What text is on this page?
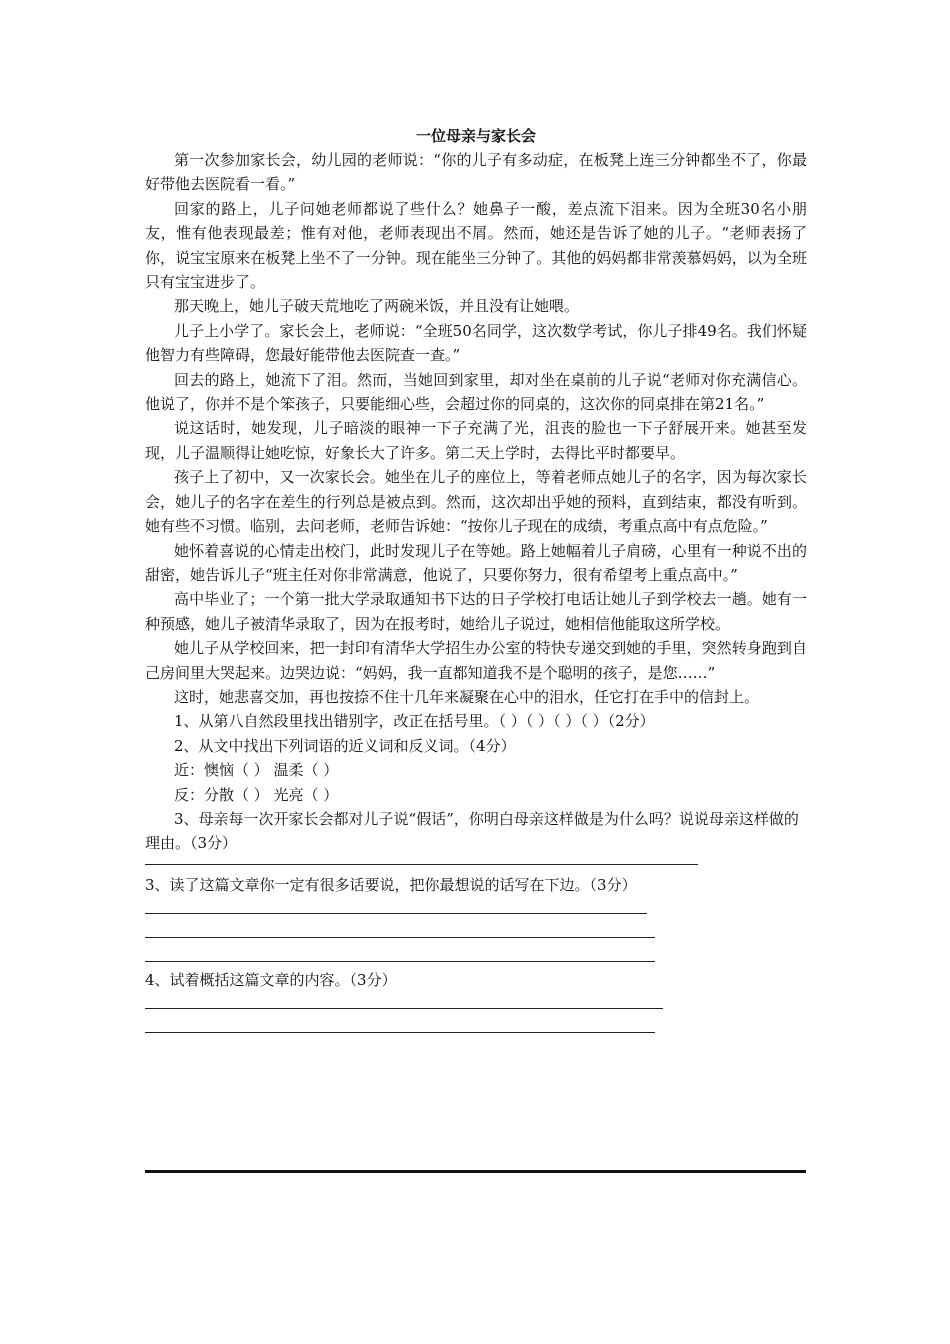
一位母亲与家长会

第一次参加家长会，幼儿园的老师说：“你的儿子有多动症，在板凳上连三分钟都坐不了，你最好带他去医院看一看。”

回家的路上，儿子问她老师都说了些什么？她鼻子一酸，差点流下泪来。因为全班30名小朋友，惟有他表现最差；惟有对他，老师表现出不屑。然而，她还是告诉了她的儿子。“老师表扬了你，说宝宝原来在板凳上坐不了一分钟。现在能坐三分钟了。其他的妈妈都非常羡慕妈妈，以为全班只有宝宝进步了。

那天晚上，她儿子破天荒地吃了两碗米饭，并且没有让她喂。

儿子上小学了。家长会上，老师说：“全班50名同学，这次数学考试，你儿子排49名。我们怀疑他智力有些障碍，您最好能带他去医院查一查。”

回去的路上，她流下了泪。然而，当她回到家里，却对坐在桌前的儿子说“老师对你充满信心。他说了，你并不是个笨孩子，只要能细心些，会超过你的同桌的，这次你的同桌排在第21名。”

说这话时，她发现，儿子暗淡的眼神一下子充满了光，沮丧的脸也一下子舒展开来。她甚至发现，儿子温顺得让她吃惊，好象长大了许多。第二天上学时，去得比平时都要早。

孩子上了初中，又一次家长会。她坐在儿子的座位上，等着老师点她儿子的名字，因为每次家长会，她儿子的名字在差生的行列总是被点到。然而，这次却出乎她的预料，直到结束，都没有听到。她有些不习惯。临别，去问老师，老师告诉她：“按你儿子现在的成绩，考重点高中有点危险。”

她怀着喜说的心情走出校门，此时发现儿子在等她。路上她幅着儿子肩磅，心里有一种说不出的甜密，她告诉儿子“班主任对你非常满意，他说了，只要你努力，很有希望考上重点高中。”

高中毕业了；一个第一批大学录取通知书下达的日子学校打电话让她儿子到学校去一趟。她有一种预感，她儿子被清华录取了，因为在报考时，她给儿子说过，她相信他能取这所学校。

她儿子从学校回来，把一封印有清华大学招生办公室的特快专递交到她的手里，突然转身跑到自己房间里大哭起来。边哭边说：“妈妈，我一直都知道我不是个聪明的孩子，是您……”

这时，她悲喜交加，再也按捺不住十几年来凝聚在心中的泪水，任它打在手中的信封上。

1、从第八自然段里找出错别字，改正在括号里。（ ）（ ）（ ）（ ）（2分）

2、从文中找出下列词语的近义词和反义词。（4分）

近：懊恼（ ） 温柔（ ）

反：分散（ ） 光亮（ ）

3、母亲每一次开家长会都对儿子说“假话”，你明白母亲这样做是为什么吗？说说母亲这样做的理由。（3分）

3、读了这篇文章你一定有很多话要说，把你最想说的话写在下边。（3分）

4、试着概括这篇文章的内容。（3分）
